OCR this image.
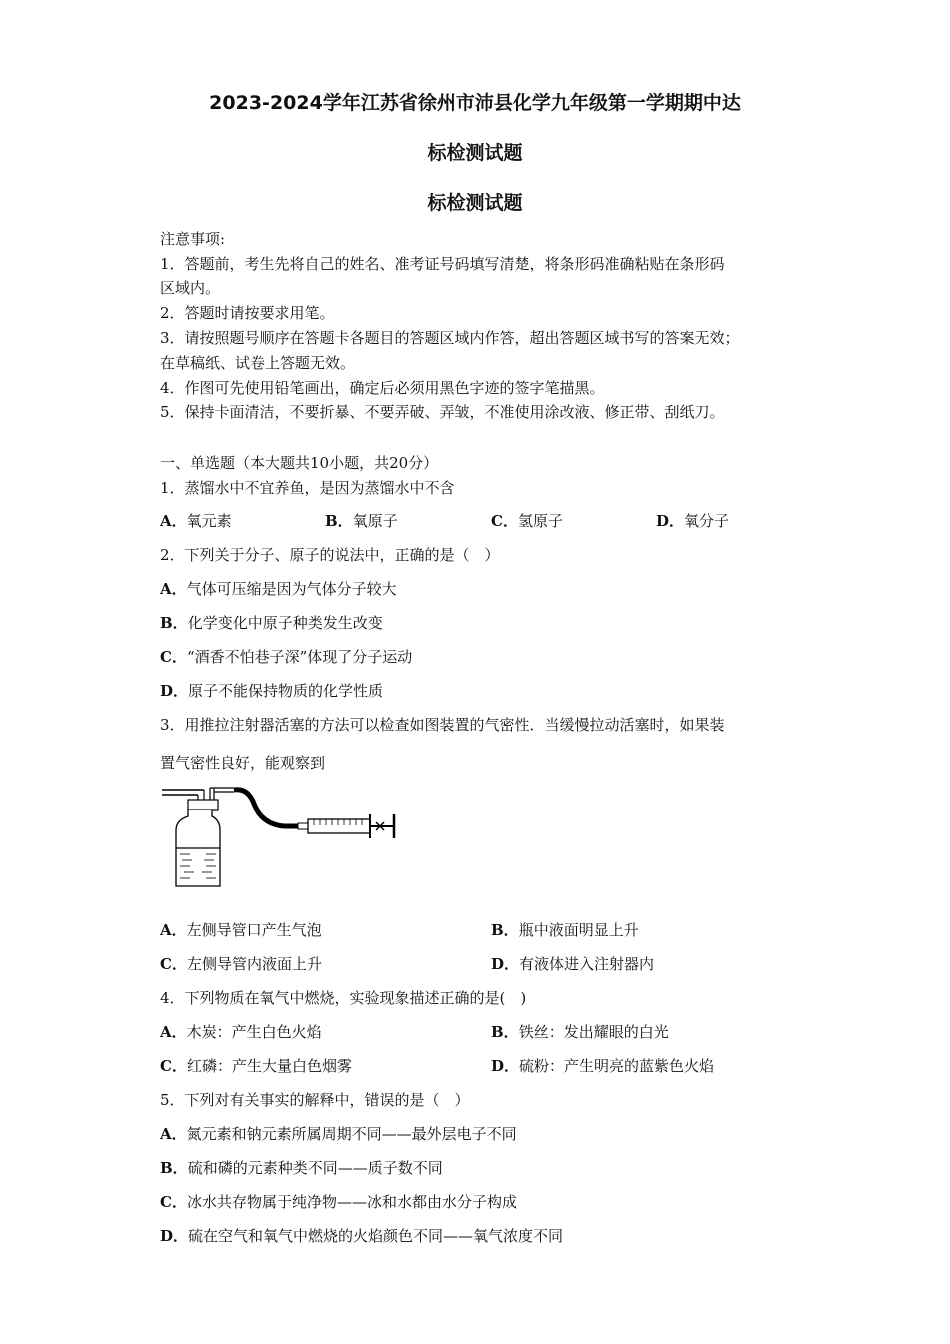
2023-2024学年江苏省徐州市沛县化学九年级第一学期期中达
标检测试题
标检测试题
注意事项:
1．答题前，考生先将自己的姓名、准考证号码填写清楚，将条形码准确粘贴在条形码
区域内。
2．答题时请按要求用笔。
3．请按照题号顺序在答题卡各题目的答题区域内作答，超出答题区域书写的答案无效；
在草稿纸、试卷上答题无效。
4．作图可先使用铅笔画出，确定后必须用黑色字迹的签字笔描黑。
5．保持卡面清洁，不要折暴、不要弄破、弄皱，不准使用涂改液、修正带、刮纸刀。
一、单选题（本大题共10小题，共20分）
1．蒸馏水中不宜养鱼，是因为蒸馏水中不含
A．氧元素	B．氧原子	C．氢原子	D．氧分子
2．下列关于分子、原子的说法中，正确的是（　）
A．气体可压缩是因为气体分子较大
B．化学变化中原子种类发生改变
C．“酒香不怕巷子深”体现了分子运动
D．原子不能保持物质的化学性质
3．用推拉注射器活塞的方法可以检查如图装置的气密性．当缓慢拉动活塞时，如果装
置气密性良好，能观察到
A．左侧导管口产生气泡	B．瓶中液面明显上升
C．左侧导管内液面上升	D．有液体进入注射器内
4．下列物质在氧气中燃烧，实验现象描述正确的是(　)
A．木炭：产生白色火焰	B．铁丝：发出耀眼的白光
C．红磷：产生大量白色烟雾	D．硫粉：产生明亮的蓝紫色火焰
5．下列对有关事实的解释中，错误的是（　）
A．氮元素和钠元素所属周期不同——最外层电子不同
B．硫和磷的元素种类不同——质子数不同
C．冰水共存物属于纯净物——冰和水都由水分子构成
D．硫在空气和氧气中燃烧的火焰颜色不同——氧气浓度不同
